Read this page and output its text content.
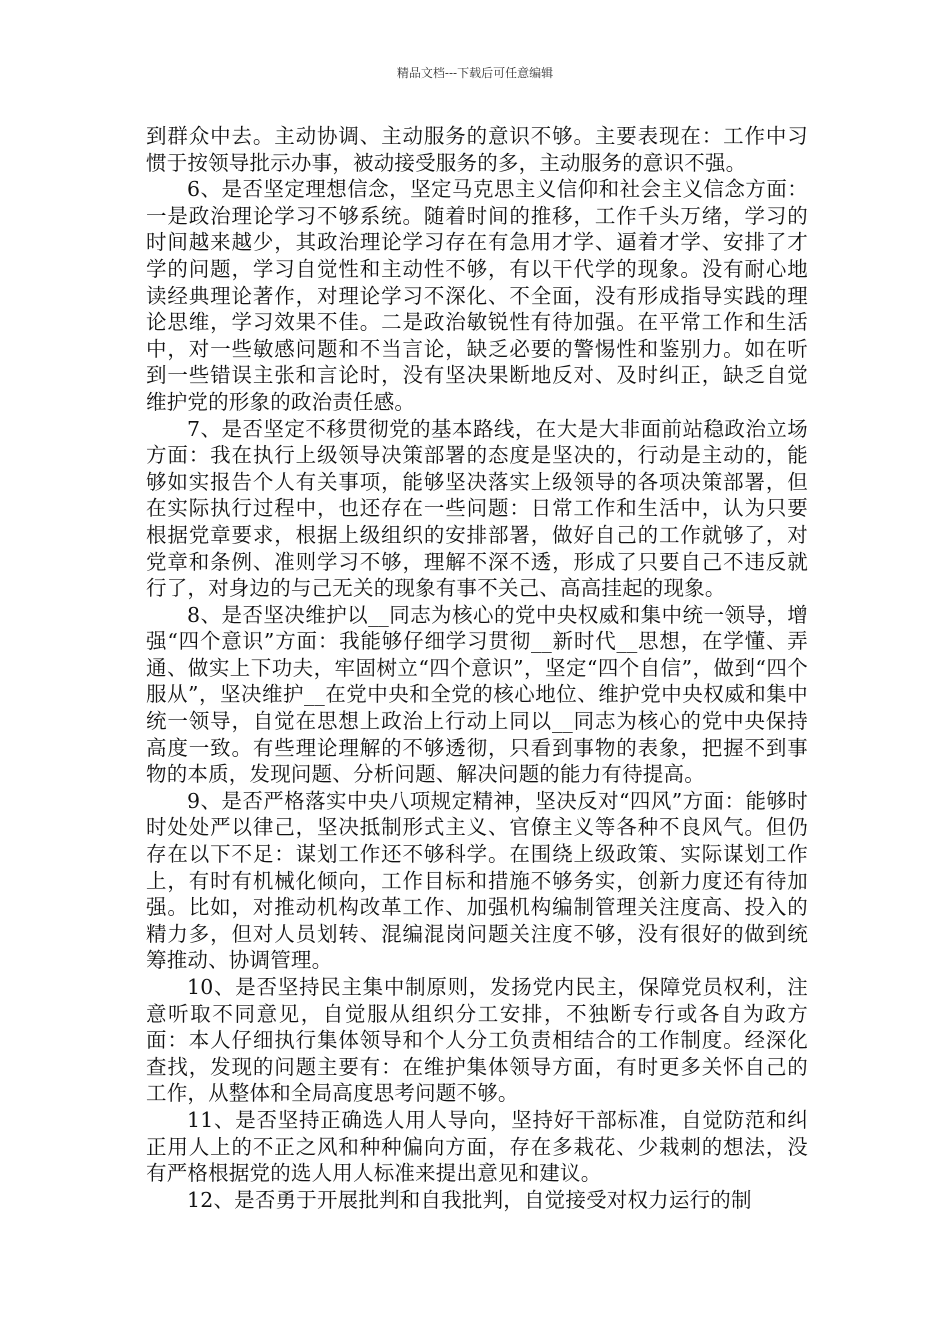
精品文档---下载后可任意编辑

到群众中去。主动协调、主动服务的意识不够。主要表现在：工作中习惯于按领导批示办事，被动接受服务的多，主动服务的意识不强。

6、是否坚定理想信念，坚定马克思主义信仰和社会主义信念方面：一是政治理论学习不够系统。随着时间的推移，工作千头万绪，学习的时间越来越少，其政治理论学习存在有急用才学、逼着才学、安排了才学的问题，学习自觉性和主动性不够，有以干代学的现象。没有耐心地读经典理论著作，对理论学习不深化、不全面，没有形成指导实践的理论思维，学习效果不佳。二是政治敏锐性有待加强。在平常工作和生活中，对一些敏感问题和不当言论，缺乏必要的警惕性和鉴别力。如在听到一些错误主张和言论时，没有坚决果断地反对、及时纠正，缺乏自觉维护党的形象的政治责任感。

7、是否坚定不移贯彻党的基本路线，在大是大非面前站稳政治立场方面：我在执行上级领导决策部署的态度是坚决的，行动是主动的，能够如实报告个人有关事项，能够坚决落实上级领导的各项决策部署，但在实际执行过程中，也还存在一些问题：日常工作和生活中，认为只要根据党章要求，根据上级组织的安排部署，做好自己的工作就够了，对党章和条例、准则学习不够，理解不深不透，形成了只要自己不违反就行了，对身边的与己无关的现象有事不关己、高高挂起的现象。

8、是否坚决维护以__同志为核心的党中央权威和集中统一领导，增强“四个意识”方面：我能够仔细学习贯彻__新时代__思想，在学懂、弄通、做实上下功夫，牢固树立“四个意识”，坚定“四个自信”，做到“四个服从”，坚决维护__在党中央和全党的核心地位、维护党中央权威和集中统一领导，自觉在思想上政治上行动上同以__同志为核心的党中央保持高度一致。有些理论理解的不够透彻，只看到事物的表象，把握不到事物的本质，发现问题、分析问题、解决问题的能力有待提高。

9、是否严格落实中央八项规定精神，坚决反对“四风”方面：能够时时处处严以律己，坚决抵制形式主义、官僚主义等各种不良风气。但仍存在以下不足：谋划工作还不够科学。在围绕上级政策、实际谋划工作上，有时有机械化倾向，工作目标和措施不够务实，创新力度还有待加强。比如，对推动机构改革工作、加强机构编制管理关注度高、投入的精力多，但对人员划转、混编混岗问题关注度不够，没有很好的做到统筹推动、协调管理。

10、是否坚持民主集中制原则，发扬党内民主，保障党员权利，注意听取不同意见，自觉服从组织分工安排，不独断专行或各自为政方面：本人仔细执行集体领导和个人分工负责相结合的工作制度。经深化查找，发现的问题主要有：在维护集体领导方面，有时更多关怀自己的工作，从整体和全局高度思考问题不够。

11、是否坚持正确选人用人导向，坚持好干部标准，自觉防范和纠正用人上的不正之风和种种偏向方面，存在多栽花、少栽刺的想法，没有严格根据党的选人用人标准来提出意见和建议。

12、是否勇于开展批判和自我批判，自觉接受对权力运行的制
